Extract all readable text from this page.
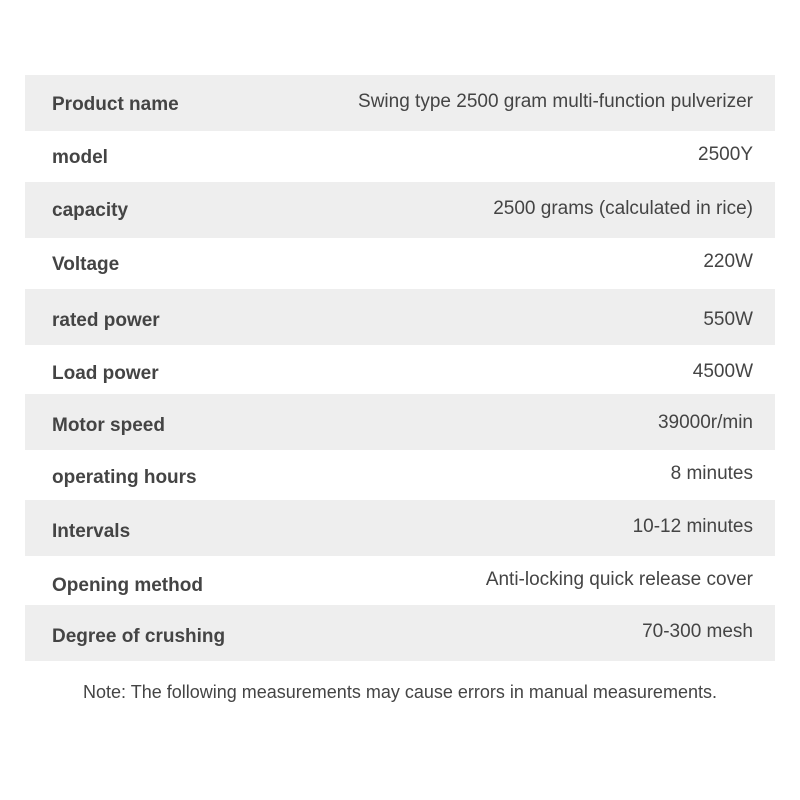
Product name	Swing type 2500 gram multi-function pulverizer
model	2500Y
capacity	2500 grams (calculated in rice)
Voltage	220W
rated power	550W
Load power	4500W
Motor speed	39000r/min
operating hours	8 minutes
Intervals	10-12 minutes
Opening method	Anti-locking quick release cover
Degree of crushing	70-300 mesh
Note: The following measurements may cause errors in manual measurements.
